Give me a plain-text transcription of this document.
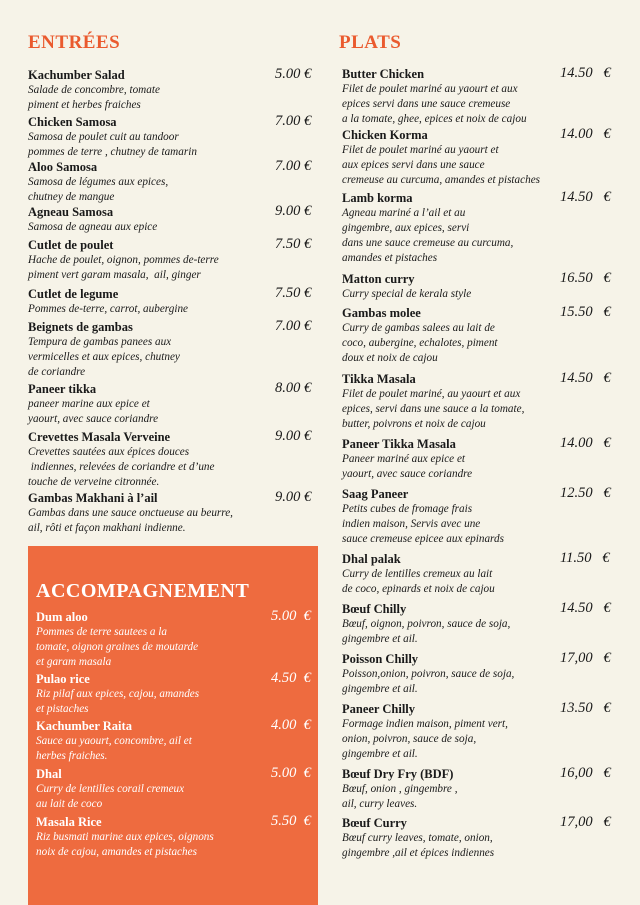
ENTRÉES
Kachumber Salad
Salade de concombre, tomate
piment et herbes fraiches
5.00 €
Chicken Samosa
Samosa de poulet cuit au tandoor
pommes de terre , chutney de tamarin
7.00 €
Aloo Samosa
Samosa de légumes aux epices,
chutney de mangue
7.00 €
Agneau Samosa
Samosa de agneau aux epice
9.00 €
Cutlet de poulet
Hache de poulet, oignon, pommes de-terre
piment vert garam masala,  ail, ginger
7.50 €
Cutlet de legume
Pommes de-terre, carrot, aubergine
7.50 €
Beignets de gambas
Tempura de gambas panees aux
vermicelles et aux epices, chutney
de coriandre
7.00 €
Paneer tikka
paneer marine aux epice et
yaourt, avec sauce coriandre
8.00 €
Crevettes Masala Verveine
Crevettes sautées aux épices douces
indiennes, relevées de coriandre et d’une
touche de verveine citronnée.
9.00 €
Gambas Makhani à l’ail
Gambas dans une sauce onctueuse au beurre,
ail, rôti et façon makhani indienne.
9.00 €
ACCOMPAGNEMENT
Dum aloo
Pommes de terre sautees a la
tomate, oignon graines de moutarde
et garam masala
5.00  €
Pulao rice
Riz pilaf aux epices, cajou, amandes
et pistaches
4.50  €
Kachumber Raita
Sauce au yaourt, concombre, ail et
herbes fraiches.
4.00  €
Dhal
Curry de lentilles corail cremeux
au lait de coco
5.00  €
Masala Rice
Riz busmati marine aux epices, oignons
noix de cajou, amandes et pistaches
5.50  €
PLATS
Butter Chicken
Filet de poulet mariné au yaourt et aux
epices servi dans une sauce cremeuse
a la tomate, ghee, epices et noix de cajou
14.50   €
Chicken Korma
Filet de poulet mariné au yaourt et
aux epices servi dans une sauce
cremeuse au curcuma, amandes et pistaches
14.00   €
Lamb korma
Agneau mariné a l’ail et au
gingembre, aux epices, servi
dans une sauce cremeuse au curcuma,
amandes et pistaches
14.50   €
Matton curry
Curry special de kerala style
16.50   €
Gambas molee
Curry de gambas salees au lait de
coco, aubergine, echalotes, piment
doux et noix de cajou
15.50   €
Tikka Masala
Filet de poulet mariné, au yaourt et aux
epices, servi dans une sauce a la tomate,
butter, poivrons et noix de cajou
14.50   €
Paneer Tikka Masala
Paneer mariné aux epice et
yaourt, avec sauce coriandre
14.00   €
Saag Paneer
Petits cubes de fromage frais
indien maison, Servis avec une
sauce cremeuse epicee aux epinards
12.50   €
Dhal palak
Curry de lentilles cremeux au lait
de coco, epinards et noix de cajou
11.50   €
Bœuf Chilly
Bœuf, oignon, poivron, sauce de soja,
gingembre et ail.
14.50   €
Poisson Chilly
Poisson,onion, poivron, sauce de soja,
gingembre et ail.
17,00   €
Paneer Chilly
Formage indien maison, piment vert,
onion, poivron, sauce de soja,
gingembre et ail.
13.50   €
Bœuf Dry Fry (BDF)
Bœuf, onion , gingembre ,
ail, curry leaves.
16,00   €
Bœuf Curry
Bœuf curry leaves, tomate, onion,
gingembre ,ail et épices indiennes
17,00   €
